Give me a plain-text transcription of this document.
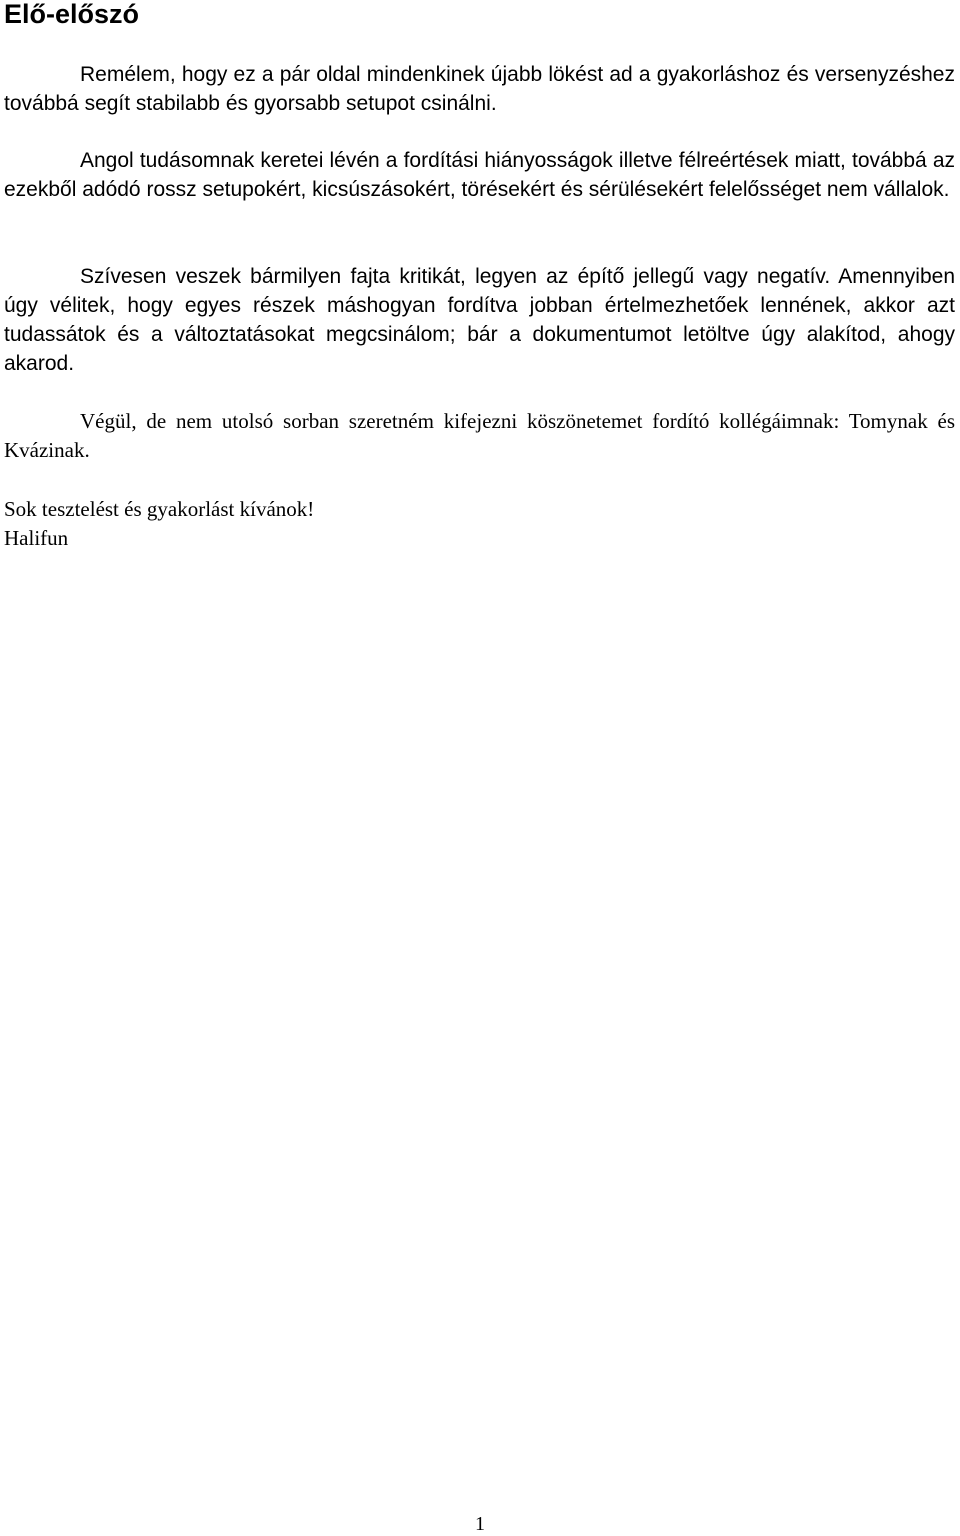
Elő-előszó

Remélem, hogy ez a pár oldal mindenkinek újabb lökést ad a gyakorláshoz és versenyzéshez továbbá segít stabilabb és gyorsabb setupot csinálni.

Angol tudásomnak keretei lévén a fordítási hiányosságok illetve félreértések miatt, továbbá az ezekből adódó rossz setupokért, kicsúszásokért, törésekért és sérülésekért felelősséget nem vállalok.

Szívesen veszek bármilyen fajta kritikát, legyen az építő jellegű vagy negatív. Amennyiben úgy vélitek, hogy egyes részek máshogyan fordítva jobban értelmezhetőek lennének, akkor azt tudassátok és a változtatásokat megcsinálom; bár a dokumentumot letöltve úgy alakítod, ahogy akarod.

Végül, de nem utolsó sorban szeretném kifejezni köszönetemet fordító kollégáimnak: Tomynak és Kvázinak.

Sok tesztelést és gyakorlást kívánok!
Halifun

1
